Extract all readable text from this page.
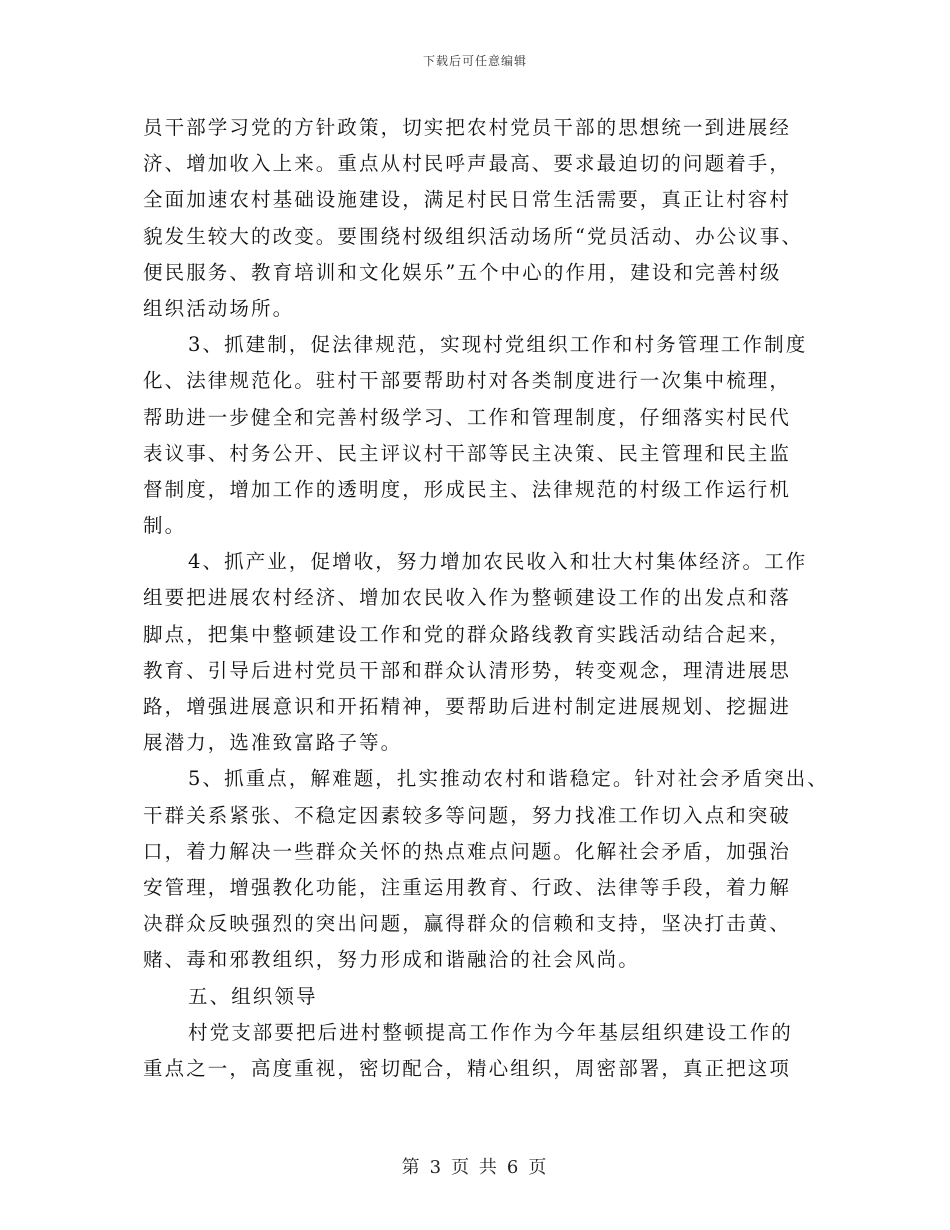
下载后可任意编辑
员干部学习党的方针政策，切实把农村党员干部的思想统一到进展经
济、增加收入上来。重点从村民呼声最高、要求最迫切的问题着手，
全面加速农村基础设施建设，满足村民日常生活需要，真正让村容村
貌发生较大的改变。要围绕村级组织活动场所“党员活动、办公议事、
便民服务、教育培训和文化娱乐”五个中心的作用，建设和完善村级
组织活动场所。
3、抓建制，促法律规范，实现村党组织工作和村务管理工作制度
化、法律规范化。驻村干部要帮助村对各类制度进行一次集中梳理，
帮助进一步健全和完善村级学习、工作和管理制度，仔细落实村民代
表议事、村务公开、民主评议村干部等民主决策、民主管理和民主监
督制度，增加工作的透明度，形成民主、法律规范的村级工作运行机
制。
4、抓产业，促增收，努力增加农民收入和壮大村集体经济。工作
组要把进展农村经济、增加农民收入作为整顿建设工作的出发点和落
脚点，把集中整顿建设工作和党的群众路线教育实践活动结合起来，
教育、引导后进村党员干部和群众认清形势，转变观念，理清进展思
路，增强进展意识和开拓精神，要帮助后进村制定进展规划、挖掘进
展潜力，选准致富路子等。
5、抓重点，解难题，扎实推动农村和谐稳定。针对社会矛盾突出、
干群关系紧张、不稳定因素较多等问题，努力找准工作切入点和突破
口，着力解决一些群众关怀的热点难点问题。化解社会矛盾，加强治
安管理，增强教化功能，注重运用教育、行政、法律等手段，着力解
决群众反映强烈的突出问题，赢得群众的信赖和支持，坚决打击黄、
赌、毒和邪教组织，努力形成和谐融洽的社会风尚。
五、组织领导
村党支部要把后进村整顿提高工作作为今年基层组织建设工作的
重点之一，高度重视，密切配合，精心组织，周密部署，真正把这项
第 3 页 共 6 页
